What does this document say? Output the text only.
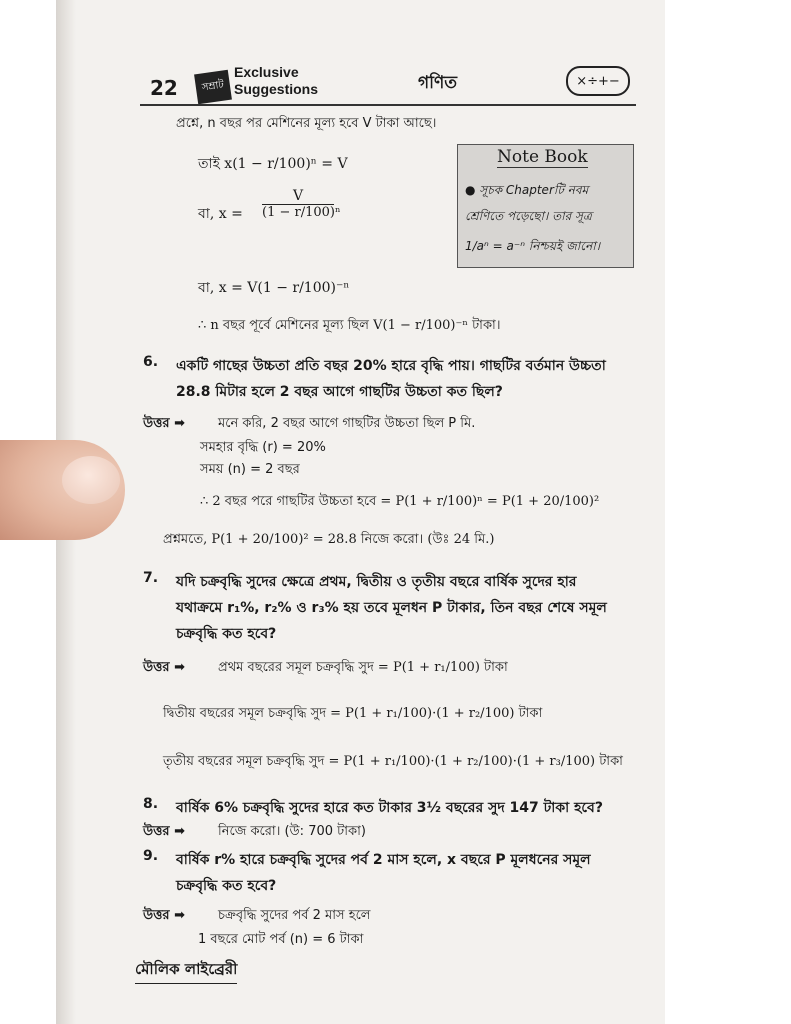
22	সম্রাট
Exclusive
Suggestions	গণিত	×÷+−
প্রশ্নে, n বছর পর মেশিনের মূল্য হবে V টাকা আছে।
তাই x(1 − r/100)ⁿ = V
বা, $x = \frac{V}{\text{(1 − r/100)ⁿ}}$
বা, x = V(1 − r/100)⁻ⁿ
∴ n বছর পূর্বে মেশিনের মূল্য ছিল V(1 − r/100)⁻ⁿ টাকা।
Note Book
● সূচক Chapterটি নবম
শ্রেণিতে পড়েছো। তার সূত্র
1/aⁿ = a⁻ⁿ নিশ্চয়ই জানো।
6. একটি গাছের উচ্চতা প্রতি বছর 20% হারে বৃদ্ধি পায়। গাছটির বর্তমান উচ্চতা
28.8 মিটার হলে 2 বছর আগে গাছটির উচ্চতা কত ছিল?
উত্তর ➡	মনে করি, 2 বছর আগে গাছটির উচ্চতা ছিল P মি.
সমহার বৃদ্ধি (r) = 20%
সময় (n) = 2 বছর
∴ 2 বছর পরে গাছটির উচ্চতা হবে = P(1 + r/100)ⁿ = P(1 + 20/100)²
প্রশ্নমতে, P(1 + 20/100)² = 28.8 নিজে করো। (উঃ 24 মি.)
7. যদি চক্রবৃদ্ধি সুদের ক্ষেত্রে প্রথম, দ্বিতীয় ও তৃতীয় বছরে বার্ষিক সুদের হার
যথাক্রমে r₁%, r₂% ও r₃% হয় তবে মূলধন P টাকার, তিন বছর শেষে সমূল
চক্রবৃদ্ধি কত হবে?
উত্তর ➡	প্রথম বছরের সমূল চক্রবৃদ্ধি সুদ = P(1 + r₁/100) টাকা
দ্বিতীয় বছরের সমূল চক্রবৃদ্ধি সুদ = P(1 + r₁/100)·(1 + r₂/100) টাকা
তৃতীয় বছরের সমূল চক্রবৃদ্ধি সুদ = P(1 + r₁/100)·(1 + r₂/100)·(1 + r₃/100) টাকা
8. বার্ষিক 6% চক্রবৃদ্ধি সুদের হারে কত টাকার 3½ বছরের সুদ 147 টাকা হবে?
উত্তর ➡	নিজে করো। (উ: 700 টাকা)
9. বার্ষিক r% হারে চক্রবৃদ্ধি সুদের পর্ব 2 মাস হলে, x বছরে P মূলধনের সমূল
চক্রবৃদ্ধি কত হবে?
উত্তর ➡	চক্রবৃদ্ধি সুদের পর্ব 2 মাস হলে
1 বছরে মোট পর্ব (n) = 6 টাকা
মৌলিক লাইব্রেরী
